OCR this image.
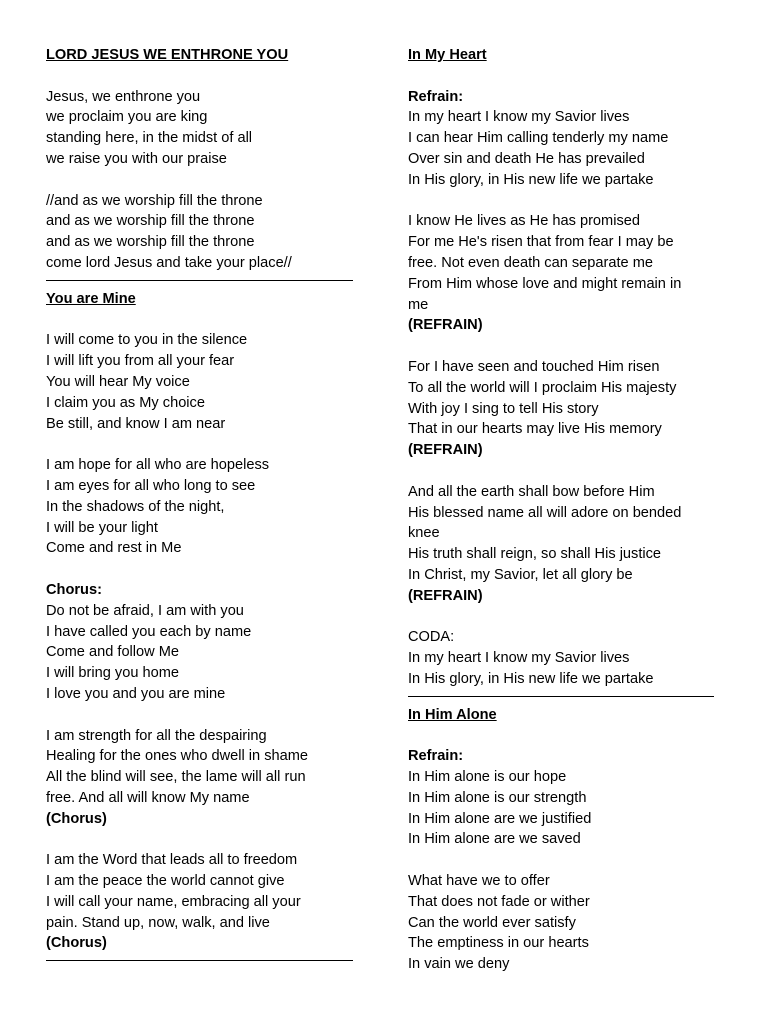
LORD JESUS WE ENTHRONE YOU
Jesus, we enthrone you
we proclaim you are king
standing here, in the midst of all
we raise you with our praise
//and as we worship fill the throne
and as we worship fill the throne
and as we worship fill the throne
come lord Jesus and take your place//
You are Mine
I will come to you in the silence
I will lift you from all your fear
You will hear My voice
I claim you as My choice
Be still, and know I am near
I am hope for all who are hopeless
I am eyes for all who long to see
In the shadows of the night,
I will be your light
Come and rest in Me
Chorus:
Do not be afraid, I am with you
I have called you each by name
Come and follow Me
I will bring you home
I love you and you are mine
I am strength for all the despairing
Healing for the ones who dwell in shame
All the blind will see, the lame will all run
free. And all will know My name
(Chorus)
I am the Word that leads all to freedom
I am the peace the world cannot give
I will call your name, embracing all your
pain. Stand up, now, walk, and live
(Chorus)
In My Heart
Refrain:
In my heart I know my Savior lives
I can hear Him calling tenderly my name
Over sin and death He has prevailed
In His glory, in His new life we partake
I know He lives as He has promised
For me He's risen that from fear I may be
free. Not even death can separate me
From Him whose love and might remain in
me
(REFRAIN)
For I have seen and touched Him risen
To all the world will I proclaim His majesty
With joy I sing to tell His story
That in our hearts may live His memory
(REFRAIN)
And all the earth shall bow before Him
His blessed name all will adore on bended
knee
His truth shall reign, so shall His justice
In Christ, my Savior, let all glory be
(REFRAIN)
CODA:
In my heart I know my Savior lives
In His glory, in His new life we partake
In Him Alone
Refrain:
In Him alone is our hope
In Him alone is our strength
In Him alone are we justified
In Him alone are we saved
What have we to offer
That does not fade or wither
Can the world ever satisfy
The emptiness in our hearts
In vain we deny
